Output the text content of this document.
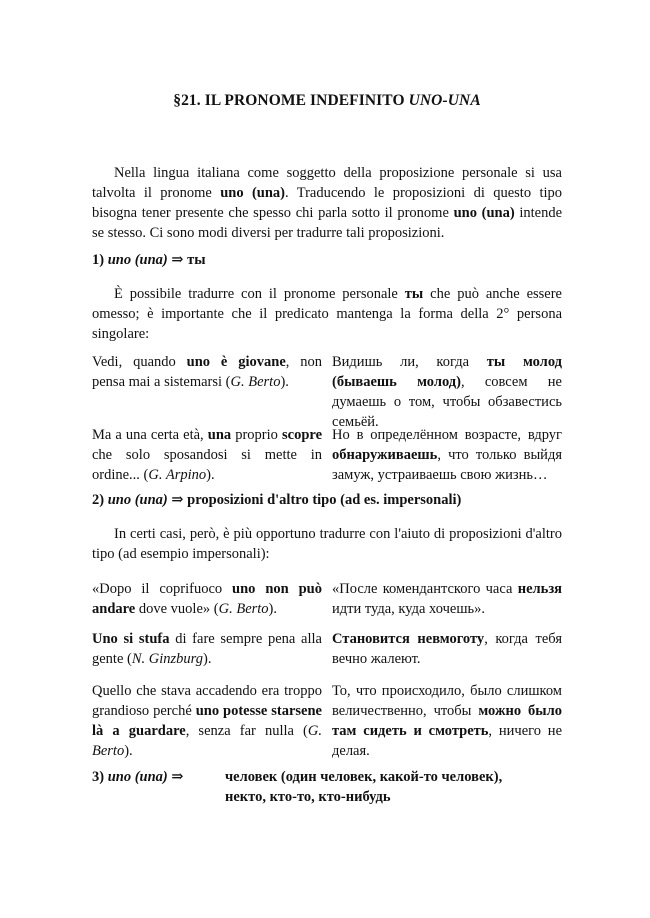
§21. IL PRONOME INDEFINITO UNO-UNA
Nella lingua italiana come soggetto della proposizione personale si usa talvolta il pronome uno (una). Traducendo le proposizioni di questo tipo bisogna tener presente che spesso chi parla sotto il pronome uno (una) intende se stesso. Ci sono modi diversi per tradurre tali proposizioni.
1) uno (una) ⇒ ты
È possibile tradurre con il pronome personale ты che può anche essere omesso; è importante che il predicato mantenga la forma della 2° persona singolare:
Vedi, quando uno è giovane, non pensa mai a sistemarsi (G. Berto).
Видишь ли, когда ты молод (бываешь молод), совсем не думаешь о том, чтобы обзавестись семьёй.
Ma a una certa età, una proprio scopre che solo sposandosi si mette in ordine... (G. Arpino).
Но в определённом возрасте, вдруг обнаруживаешь, что только выйдя замуж, устраиваешь свою жизнь…
2) uno (una) ⇒ proposizioni d'altro tipo (ad es. impersonali)
In certi casi, però, è più opportuno tradurre con l'aiuto di proposizioni d'altro tipo (ad esempio impersonali):
«Dopo il coprifuoco uno non può andare dove vuole» (G. Berto).
«После комендантского часа нельзя идти туда, куда хочешь».
Uno si stufa di fare sempre pena alla gente (N. Ginzburg).
Становится невмоготу, когда тебя вечно жалеют.
Quello che stava accadendo era troppo grandioso perché uno potesse starsene là a guardare, senza far nulla (G. Berto).
То, что происходило, было слишком величественно, чтобы можно было там сидеть и смотреть, ничего не делая.
3) uno (una) ⇒	человек (один человек, какой-то человек),
некто, кто-то, кто-нибудь
